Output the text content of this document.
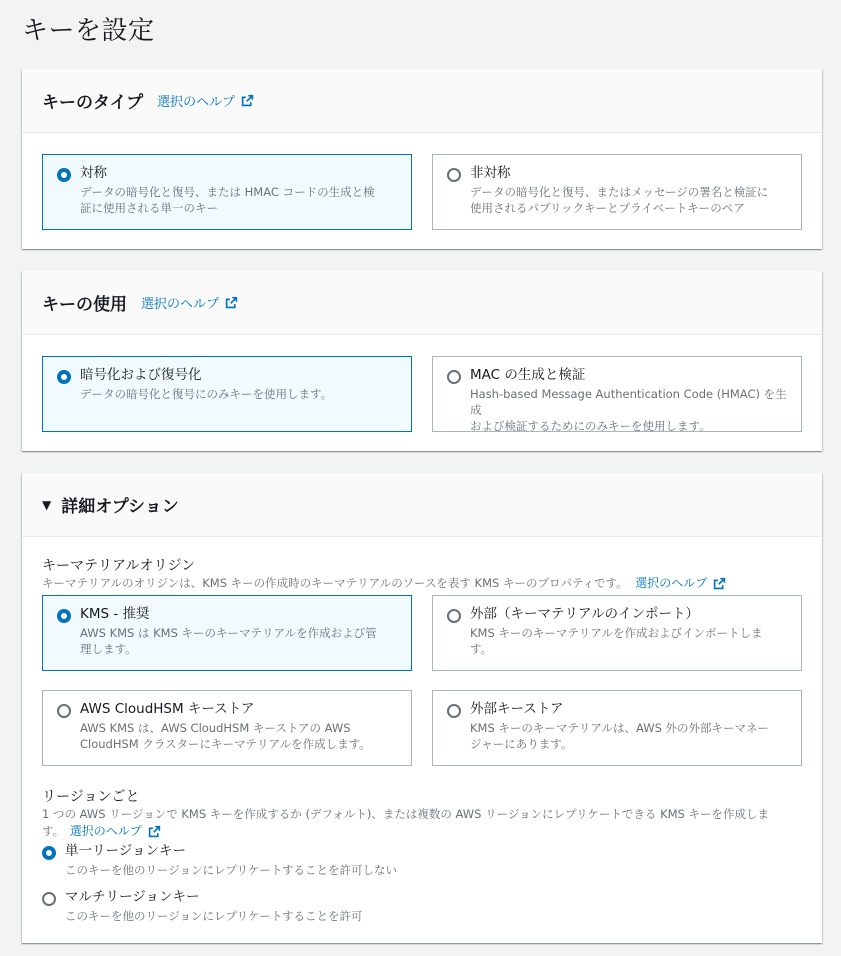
キーを設定
キーのタイプ 選択のヘルプ
対称
データの暗号化と復号、または HMAC コードの生成と検
証に使用される単一のキー
非対称
データの暗号化と復号、またはメッセージの署名と検証に
使用されるパブリックキーとプライベートキーのペア
キーの使用 選択のヘルプ
暗号化および復号化
データの暗号化と復号にのみキーを使用します。
MAC の生成と検証
Hash-based Message Authentication Code (HMAC) を生成
および検証するためにのみキーを使用します。
▼ 詳細オプション
キーマテリアルオリジン
キーマテリアルのオリジンは、KMS キーの作成時のキーマテリアルのソースを表す KMS キーのプロパティです。 選択のヘルプ
KMS - 推奨
AWS KMS は KMS キーのキーマテリアルを作成および管
理します。
外部（キーマテリアルのインポート）
KMS キーのキーマテリアルを作成およびインポートしま
す。
AWS CloudHSM キーストア
AWS KMS は、AWS CloudHSM キーストアの AWS
CloudHSM クラスターにキーマテリアルを作成します。
外部キーストア
KMS キーのキーマテリアルは、AWS 外の外部キーマネー
ジャーにあります。
リージョンごと
1 つの AWS リージョンで KMS キーを作成するか (デフォルト)、または複数の AWS リージョンにレプリケートできる KMS キーを作成しま
す。 選択のヘルプ
単一リージョンキー
このキーを他のリージョンにレプリケートすることを許可しない
マルチリージョンキー
このキーを他のリージョンにレプリケートすることを許可
